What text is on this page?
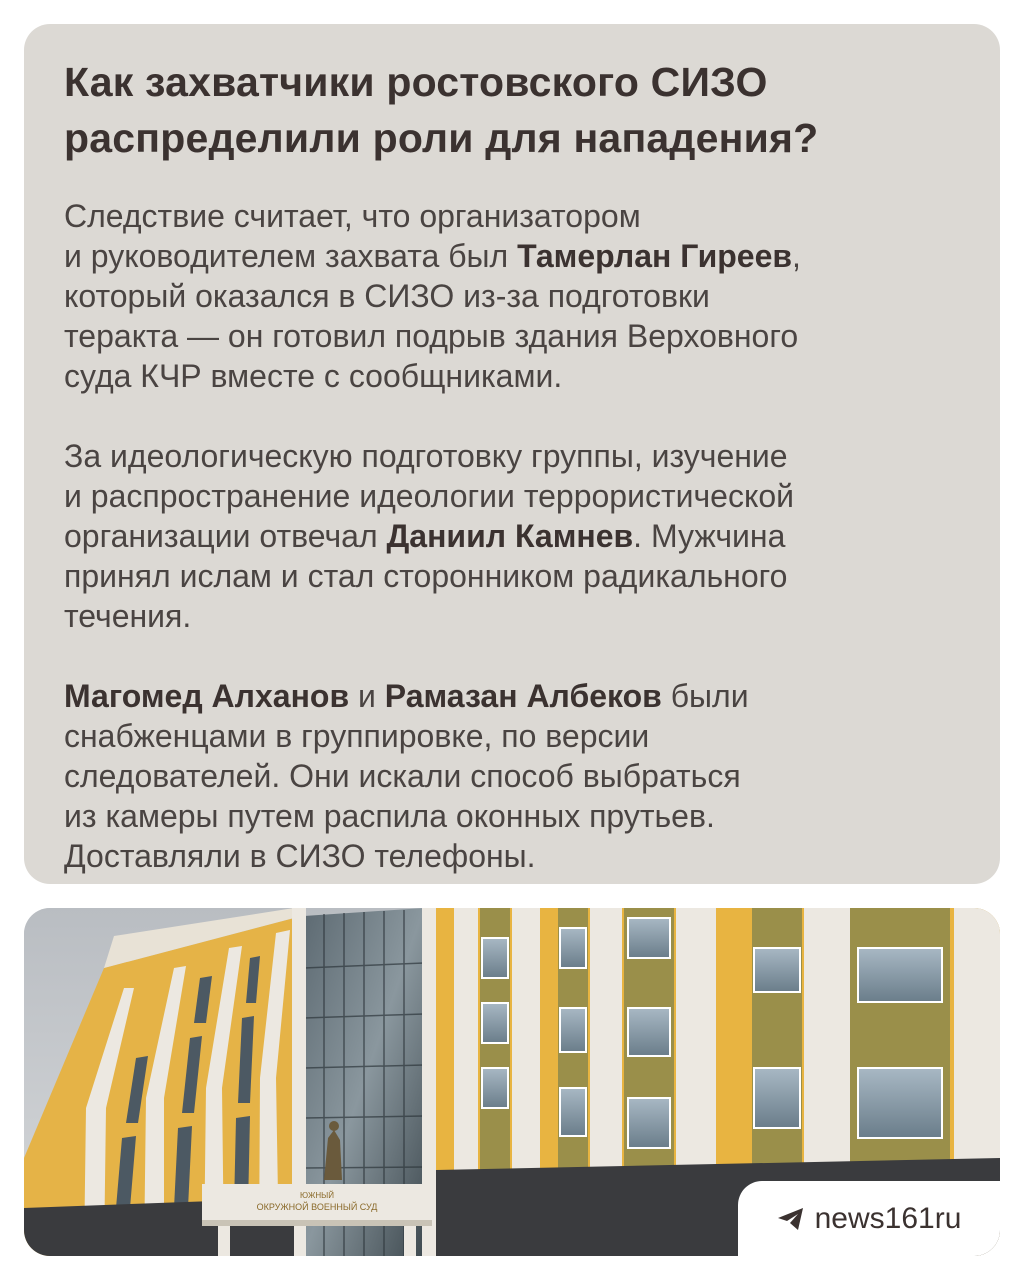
Как захватчики ростовского СИЗО
распределили роли для нападения?

Следствие считает, что организатором
и руководителем захвата был Тамерлан Гиреев,
который оказался в СИЗО из-за подготовки
теракта — он готовил подрыв здания Верховного
суда КЧР вместе с сообщниками.

За идеологическую подготовку группы, изучение
и распространение идеологии террористической
организации отвечал Даниил Камнев. Мужчина
принял ислам и стал сторонником радикального
течения.

Магомед Алханов и Рамазан Албеков были
снабженцами в группировке, по версии
следователей. Они искали способ выбраться
из камеры путем распила оконных прутьев.
Доставляли в СИЗО телефоны.

ЮЖНЫЙ
ОКРУЖНОЙ ВОЕННЫЙ СУД	news161ru
